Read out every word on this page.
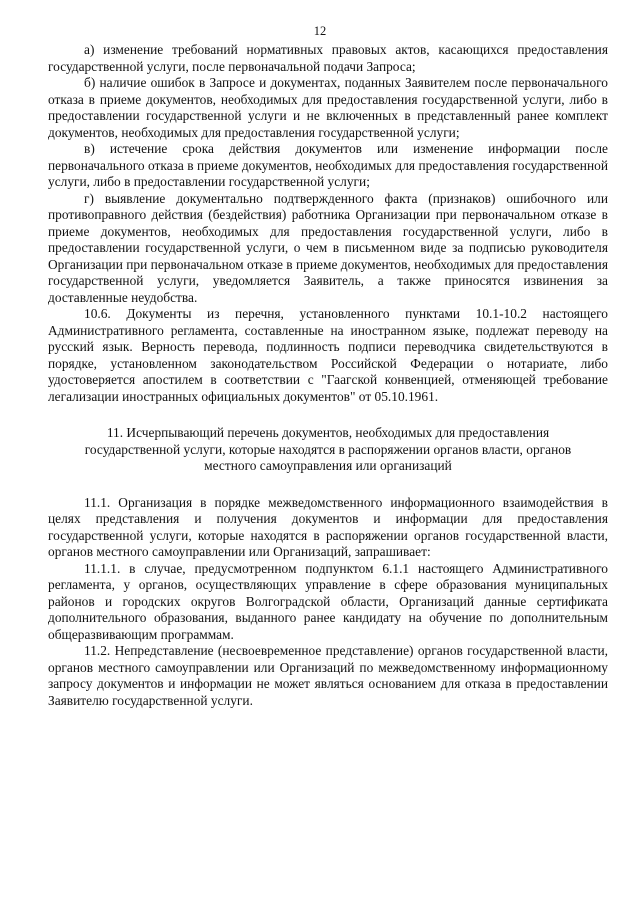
12

а) изменение требований нормативных правовых актов, касающихся предоставления государственной услуги, после первоначальной подачи Запроса;

б) наличие ошибок в Запросе и документах, поданных Заявителем после первоначального отказа в приеме документов, необходимых для предоставления государственной услуги, либо в предоставлении государственной услуги и не включенных в представленный ранее комплект документов, необходимых для предоставления государственной услуги;

в) истечение срока действия документов или изменение информации после первоначального отказа в приеме документов, необходимых для предоставления государственной услуги, либо в предоставлении государственной услуги;

г) выявление документально подтвержденного факта (признаков) ошибочного или противоправного действия (бездействия) работника Организации при первоначальном отказе в приеме документов, необходимых для предоставления государственной услуги, либо в предоставлении государственной услуги, о чем в письменном виде за подписью руководителя Организации при первоначальном отказе в приеме документов, необходимых для предоставления государственной услуги, уведомляется Заявитель, а также приносятся извинения за доставленные неудобства.

10.6. Документы из перечня, установленного пунктами 10.1-10.2 настоящего Административного регламента, составленные на иностранном языке, подлежат переводу на русский язык. Верность перевода, подлинность подписи переводчика свидетельствуются в порядке, установленном законодательством Российской Федерации о нотариате, либо удостоверяется апостилем в соответствии с "Гаагской конвенцией, отменяющей требование легализации иностранных официальных документов" от 05.10.1961.

11. Исчерпывающий перечень документов, необходимых для предоставления государственной услуги, которые находятся в распоряжении органов власти, органов местного самоуправления или организаций

11.1. Организация в порядке межведомственного информационного взаимодействия в целях представления и получения документов и информации для предоставления государственной услуги, которые находятся в распоряжении органов государственной власти, органов местного самоуправлении или Организаций, запрашивает:

11.1.1. в случае, предусмотренном подпунктом 6.1.1 настоящего Административного регламента, у органов, осуществляющих управление в сфере образования муниципальных районов и городских округов Волгоградской области, Организаций данные сертификата дополнительного образования, выданного ранее кандидату на обучение по дополнительным общеразвивающим программам.

11.2. Непредставление (несвоевременное представление) органов государственной власти, органов местного самоуправлении или Организаций по межведомственному информационному запросу документов и информации не может являться основанием для отказа в предоставлении Заявителю государственной услуги.
